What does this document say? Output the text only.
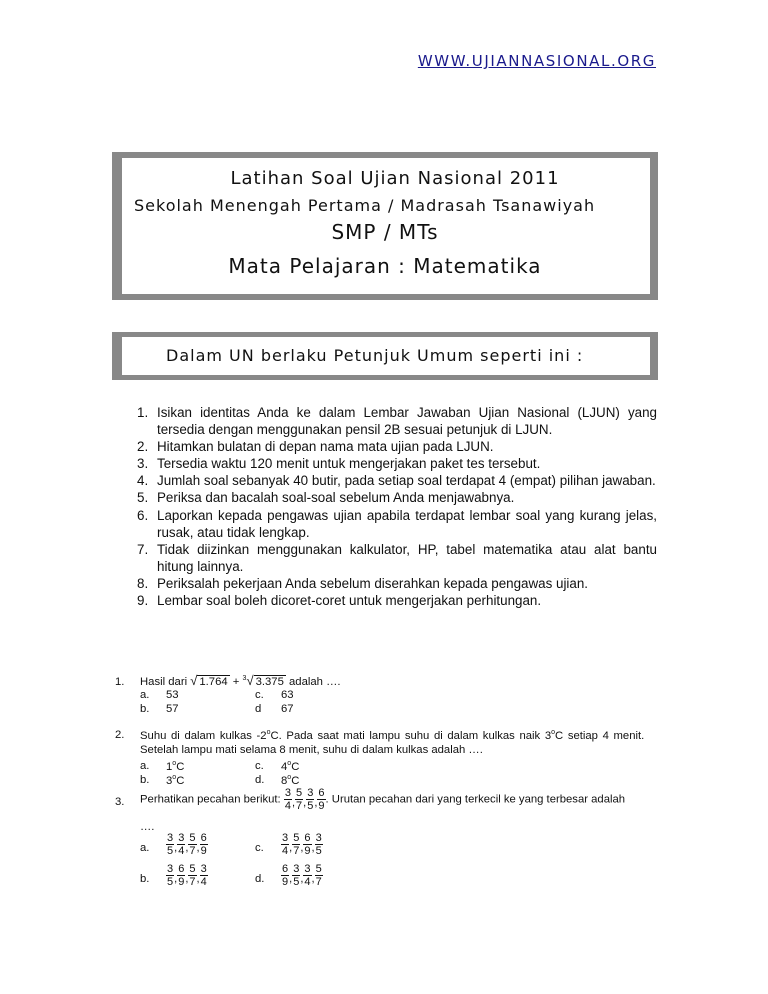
WWW.UJIANNASIONAL.ORG
Latihan Soal Ujian Nasional 2011
Sekolah Menengah Pertama / Madrasah Tsanawiyah
SMP / MTs
Mata Pelajaran : Matematika
Dalam UN berlaku Petunjuk Umum seperti ini :
1. Isikan identitas Anda ke dalam Lembar Jawaban Ujian Nasional (LJUN) yang tersedia dengan menggunakan pensil 2B sesuai petunjuk di LJUN.
2. Hitamkan bulatan di depan nama mata ujian pada LJUN.
3. Tersedia waktu 120 menit untuk mengerjakan paket tes tersebut.
4. Jumlah soal sebanyak 40 butir, pada setiap soal terdapat 4 (empat) pilihan jawaban.
5. Periksa dan bacalah soal-soal sebelum Anda menjawabnya.
6. Laporkan kepada pengawas ujian apabila terdapat lembar soal yang kurang jelas, rusak, atau tidak lengkap.
7. Tidak diizinkan menggunakan kalkulator, HP, tabel matematika atau alat bantu hitung lainnya.
8. Periksalah pekerjaan Anda sebelum diserahkan kepada pengawas ujian.
9. Lembar soal boleh dicoret-coret untuk mengerjakan perhitungan.
1. Hasil dari √ 1.764 + $^3$√ 3.375 adalah ….
a. 53
b. 57
c. 63
d 67
2. Suhu di dalam kulkas -2$^o$C. Pada saat mati lampu suhu di dalam kulkas naik 3$^o$C setiap 4 menit.
Setelah lampu mati selama 8 menit, suhu di dalam kulkas adalah ….
a. 1$^o$C
b. 3$^o$C
c. 4$^o$C
d. 8$^o$C
3. Perhatikan pecahan berikut: $\frac{3}{4}$ , $\frac{5}{7}$ , $\frac{3}{5}$ , $\frac{6}{9}$ . Urutan pecahan dari yang terkecil ke yang terbesar adalah
….
a. $\frac{3}{5}$ , $\frac{3}{4}$ , $\frac{5}{7}$ , $\frac{6}{9}$
b. $\frac{3}{5}$ , $\frac{6}{9}$ , $\frac{5}{7}$ , $\frac{3}{4}$
c. $\frac{3}{4}$ , $\frac{5}{7}$ , $\frac{6}{9}$ , $\frac{3}{5}$
d. $\frac{6}{9}$ , $\frac{3}{5}$ , $\frac{3}{4}$ , $\frac{5}{7}$
